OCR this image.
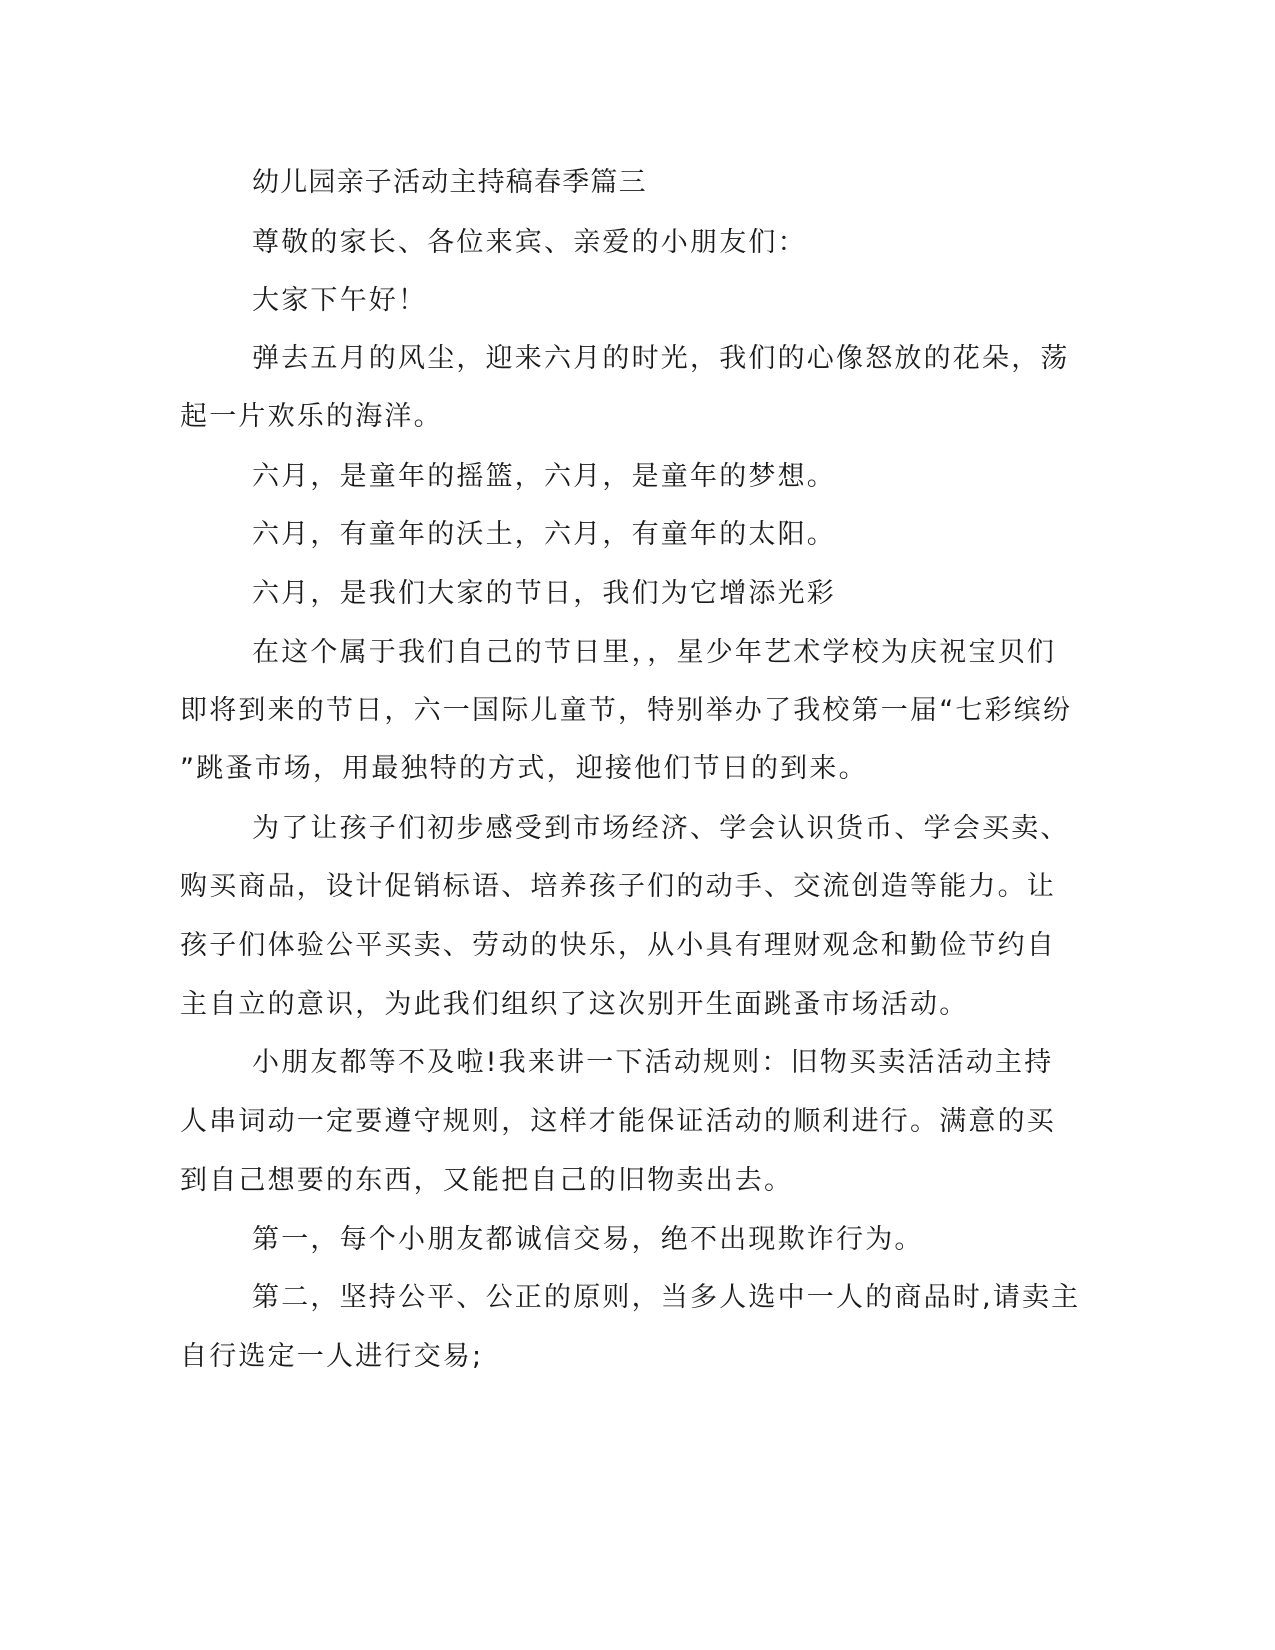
幼儿园亲子活动主持稿春季篇三

尊敬的家长、各位来宾、亲爱的小朋友们：

大家下午好！

弹去五月的风尘，迎来六月的时光，我们的心像怒放的花朵，荡

起一片欢乐的海洋。

六月，是童年的摇篮，六月，是童年的梦想。

六月，有童年的沃土，六月，有童年的太阳。

六月，是我们大家的节日，我们为它增添光彩

在这个属于我们自己的节日里，，星少年艺术学校为庆祝宝贝们

即将到来的节日，六一国际儿童节，特别举办了我校第一届“七彩缤纷

”跳蚤市场，用最独特的方式，迎接他们节日的到来。

为了让孩子们初步感受到市场经济、学会认识货币、学会买卖、

购买商品，设计促销标语、培养孩子们的动手、交流创造等能力。让

孩子们体验公平买卖、劳动的快乐，从小具有理财观念和勤俭节约自

主自立的意识，为此我们组织了这次别开生面跳蚤市场活动。

小朋友都等不及啦!我来讲一下活动规则：旧物买卖活活动主持

人串词动一定要遵守规则，这样才能保证活动的顺利进行。满意的买

到自己想要的东西，又能把自己的旧物卖出去。

第一，每个小朋友都诚信交易，绝不出现欺诈行为。

第二，坚持公平、公正的原则，当多人选中一人的商品时,请卖主

自行选定一人进行交易;
